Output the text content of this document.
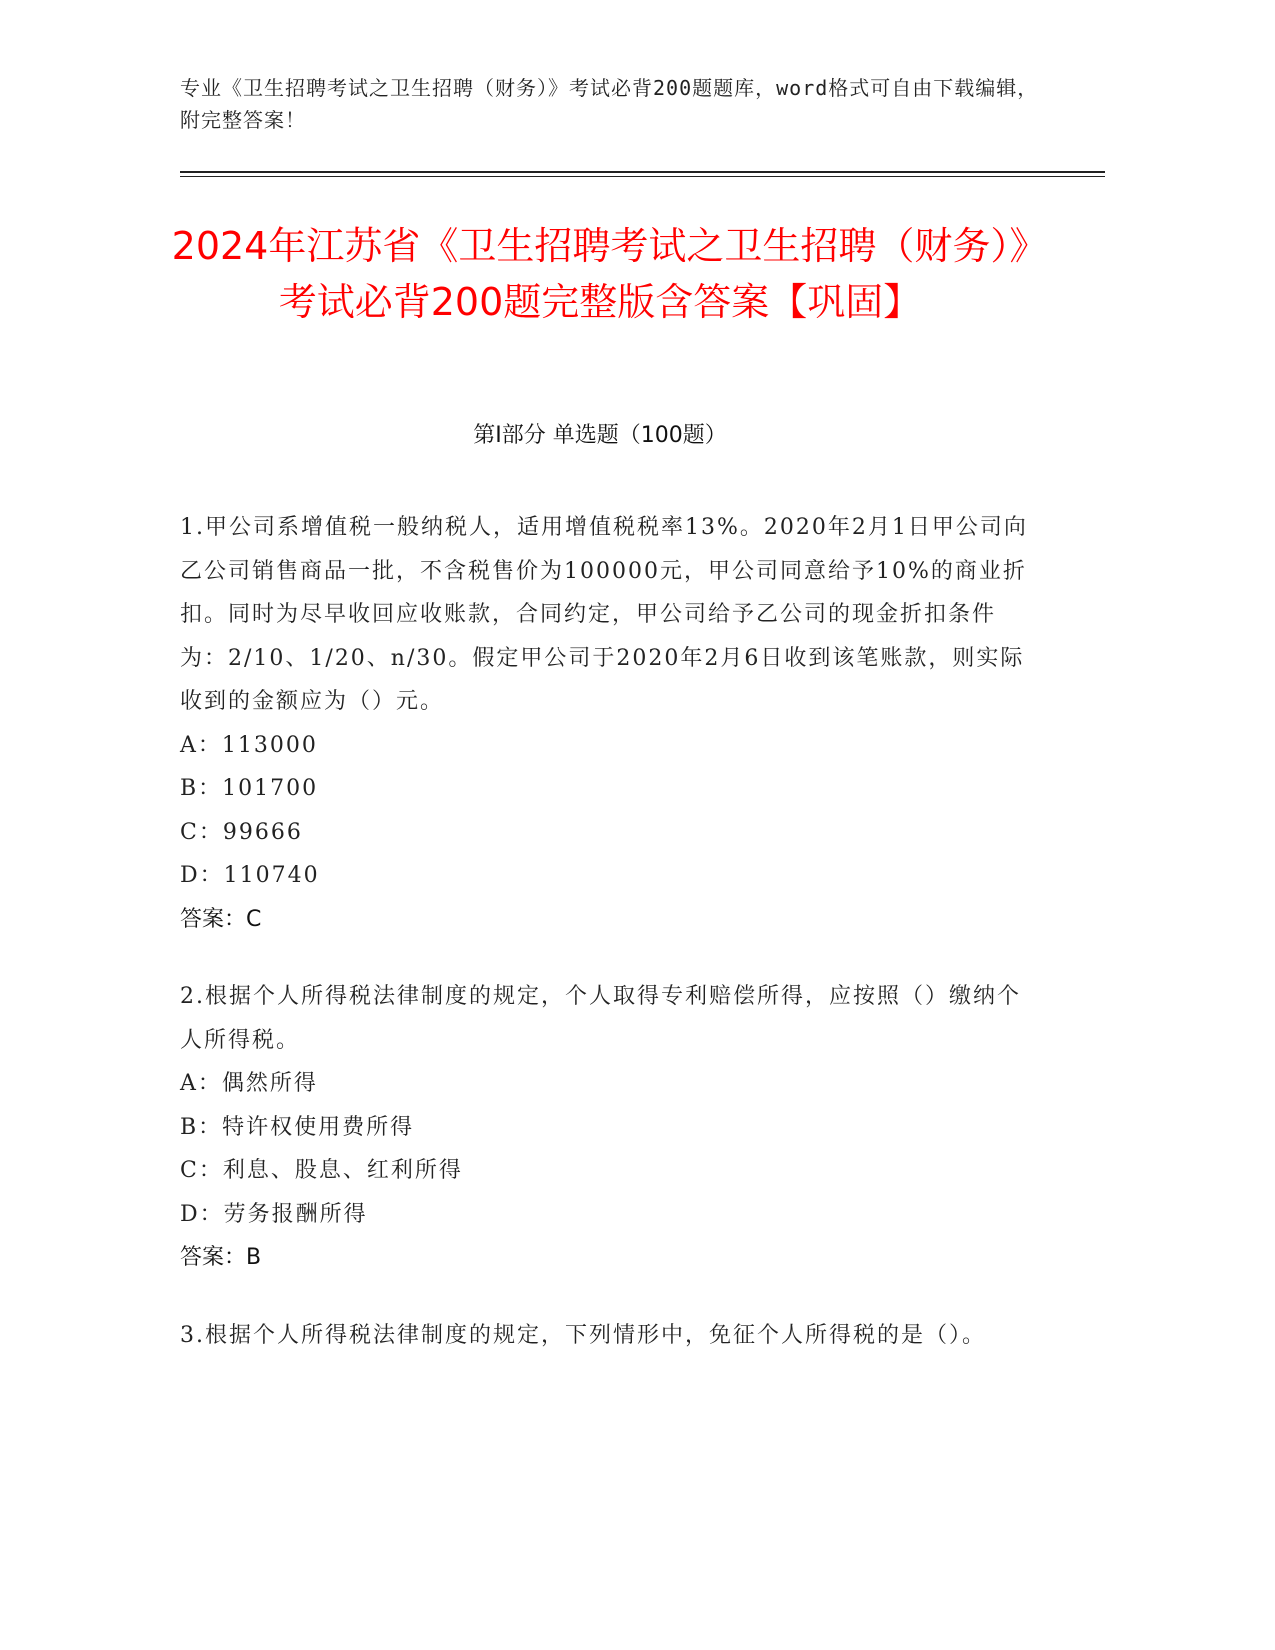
专业《卫生招聘考试之卫生招聘（财务）》考试必背200题题库，word格式可自由下载编辑，附完整答案！
2024年江苏省《卫生招聘考试之卫生招聘（财务）》考试必背200题完整版含答案【巩固】
第Ⅰ部分 单选题（100题）
1.甲公司系增值税一般纳税人，适用增值税税率13%。2020年2月1日甲公司向乙公司销售商品一批，不含税售价为100000元，甲公司同意给予10%的商业折扣。同时为尽早收回应收账款，合同约定，甲公司给予乙公司的现金折扣条件为：2/10、1/20、n/30。假定甲公司于2020年2月6日收到该笔账款，则实际收到的金额应为（）元。
A：113000
B：101700
C：99666
D：110740
答案：C
2.根据个人所得税法律制度的规定，个人取得专利赔偿所得，应按照（）缴纳个人所得税。
A：偶然所得
B：特许权使用费所得
C：利息、股息、红利所得
D：劳务报酬所得
答案：B
3.根据个人所得税法律制度的规定，下列情形中，免征个人所得税的是（）。
